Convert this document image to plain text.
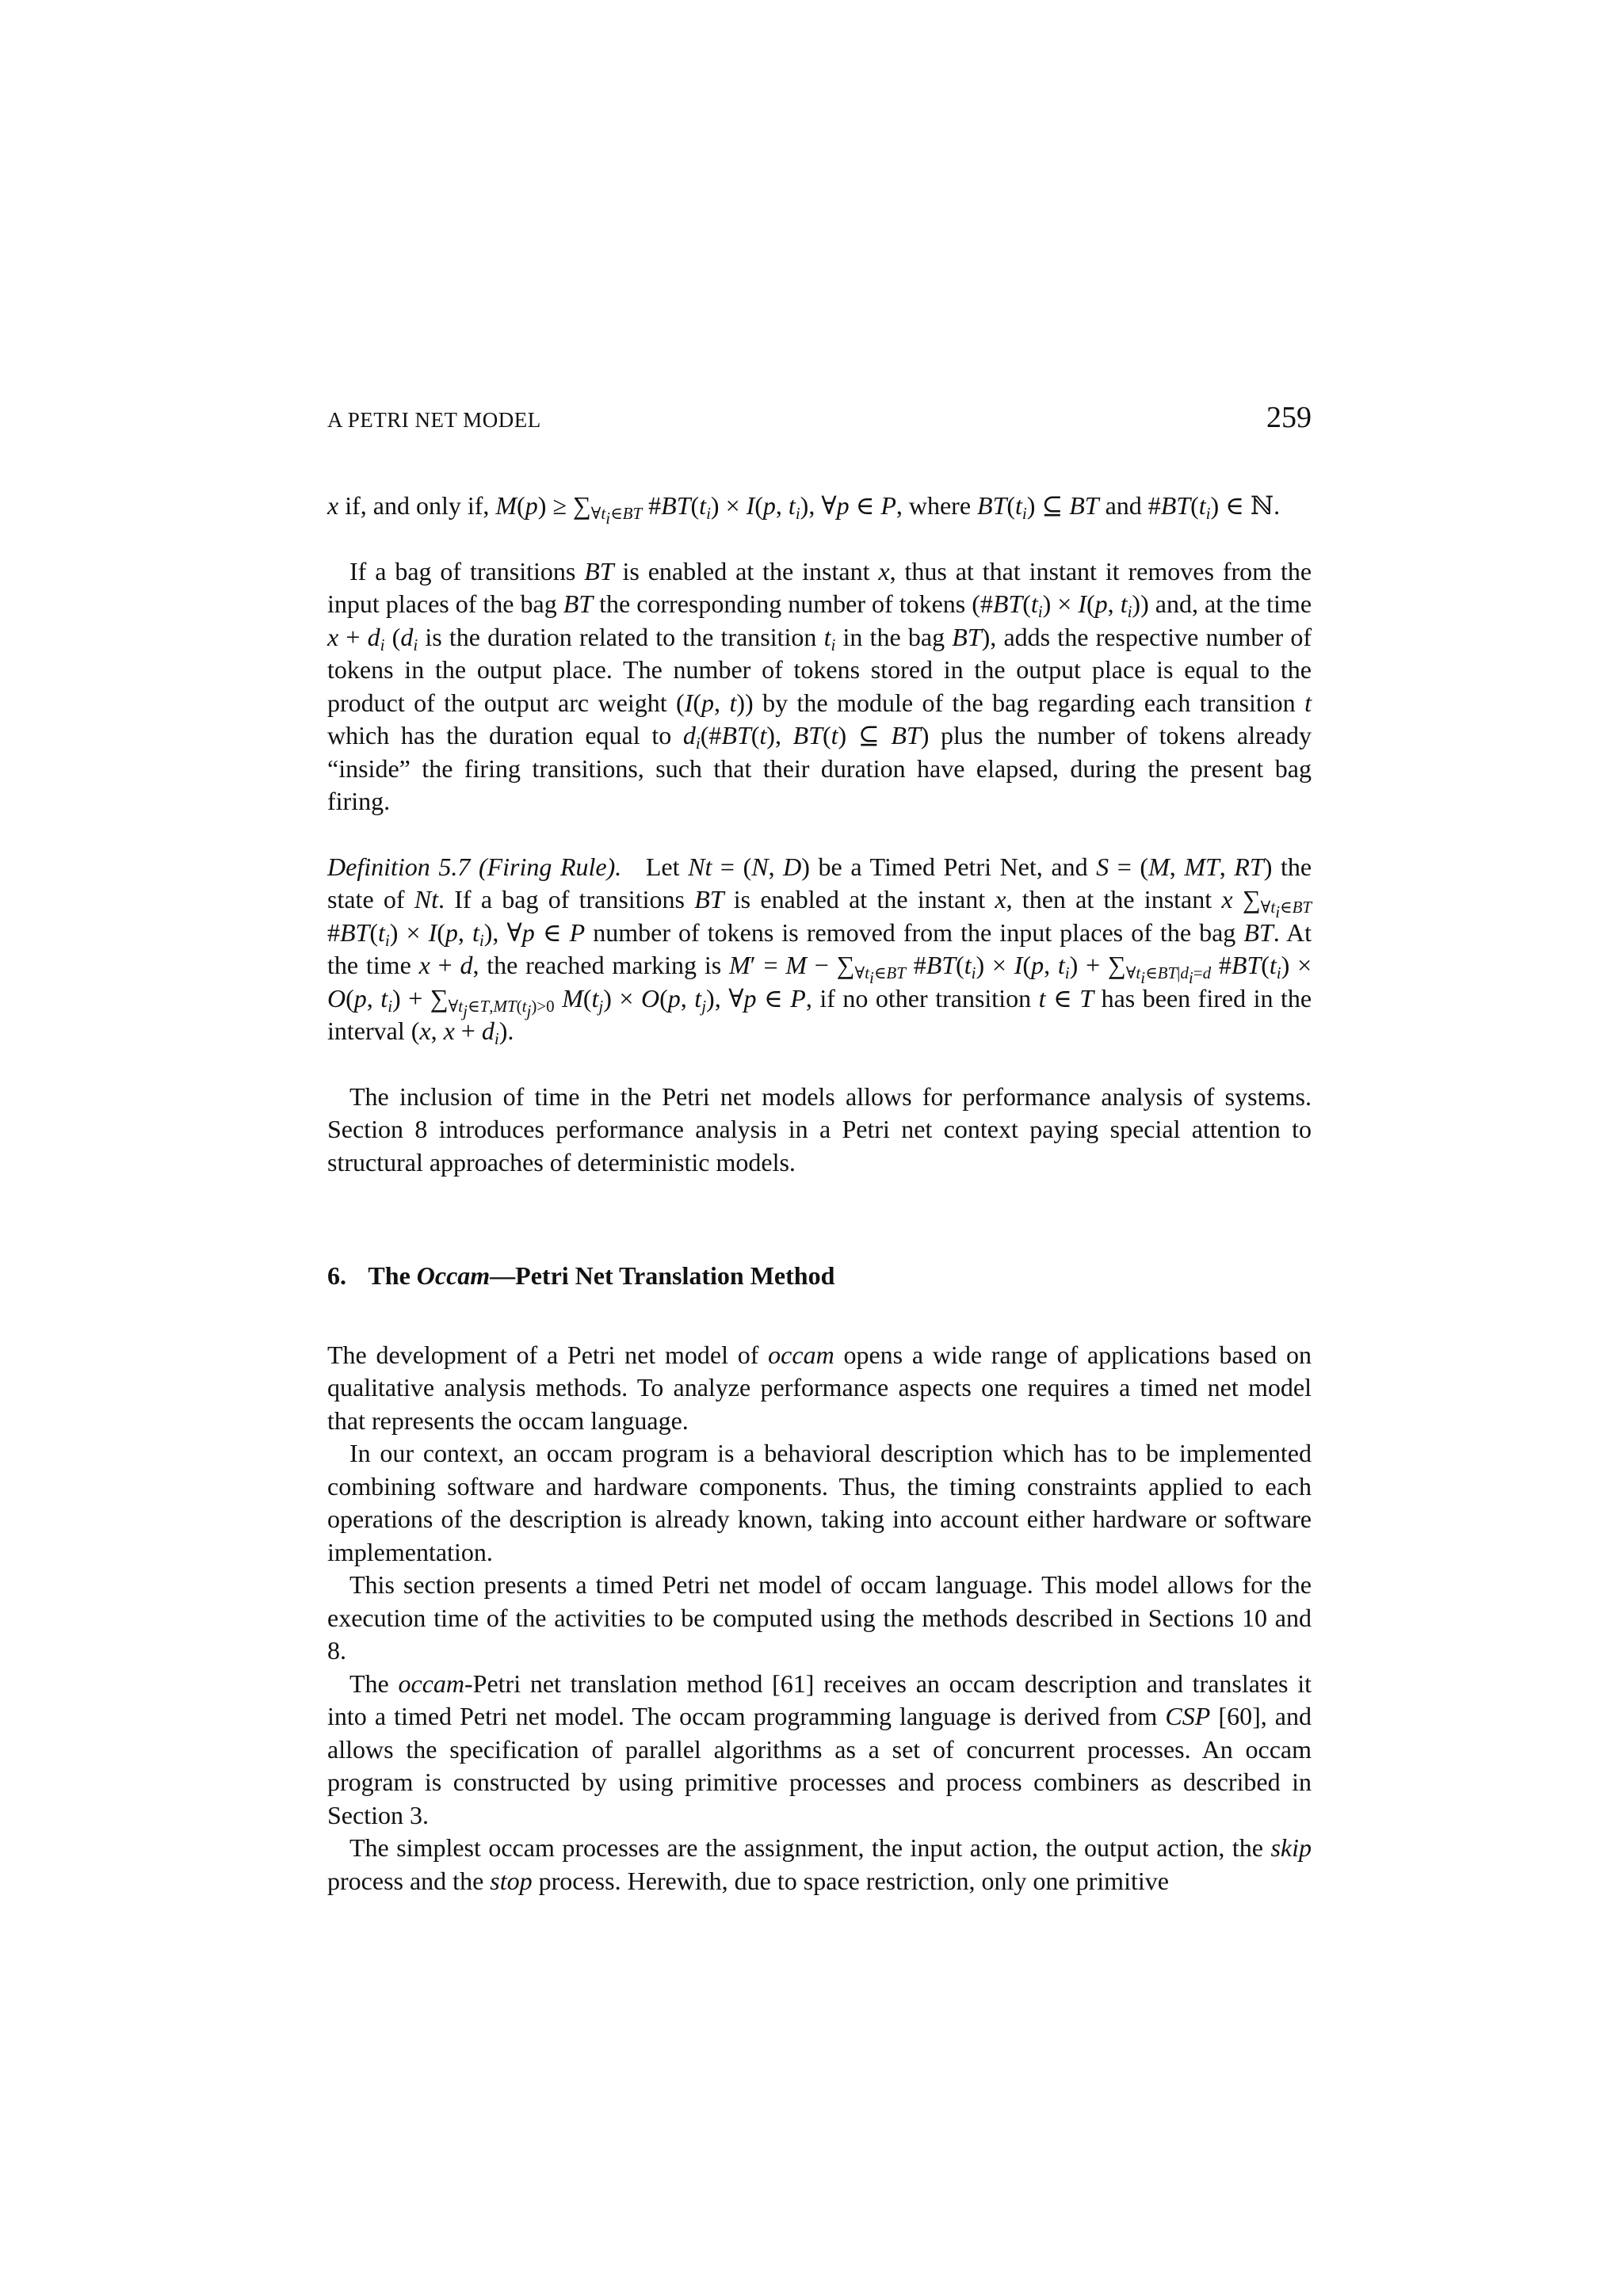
A PETRI NET MODEL	259

x if, and only if, $M(p) \ge \sum_{\forall t_i\in BT}$ $\#BT(t_i) \times I(p$, $t_i$), ∀p ∈ P, where $BT(t_i)$ ⊆ BT and $\#BT(t_i)$ ∈ ℕ.

If a bag of transitions BT is enabled at the instant x, thus at that instant it removes from the input places of the bag BT the corresponding number of tokens ($\#BT(t_i) \times I(p$, $t_i$)) and, at the time $x + d_i$ ($d_i$ is the duration related to the transition $t_i$ in the bag BT), adds the respective number of tokens in the output place. The number of tokens stored in the output place is equal to the product of the output arc weight (I(p, t)) by the module of the bag regarding each transition t which has the duration equal to $d_i(\#BT(t)$, BT(t) ⊆ BT) plus the number of tokens already “inside” the firing transitions, such that their duration have elapsed, during the present bag firing.

Definition 5.7 (Firing Rule). Let Nt = (N, D) be a Timed Petri Net, and S = (M, MT, RT) the state of Nt. If a bag of transitions BT is enabled at the instant x, then at the instant x $\sum_{\forall t_i\in BT}$ $\#BT(t_i) \times I(p$, $t_i$), ∀p ∈ P number of tokens is removed from the input places of the bag BT. At the time x + d, the reached marking is $M' = M - \sum_{\forall t_i\in BT}$ $\#BT(t_i) \times I(p$, $t_i) + \sum_{\forall t_i\in BT|d_i=d}$ $\#BT(t_i) \times O(p$, $t_i) + \sum_{\forall t_j\in T,MT(t_j)>0}$ $M(t_j) \times O(p$, $t_j$), ∀p ∈ P, if no other transition t ∈ T has been fired in the interval (x, $x + d_i$).

The inclusion of time in the Petri net models allows for performance analysis of systems. Section 8 introduces performance analysis in a Petri net context paying special attention to structural approaches of deterministic models.

6. The Occam—Petri Net Translation Method

The development of a Petri net model of occam opens a wide range of applications based on qualitative analysis methods. To analyze performance aspects one requires a timed net model that represents the occam language.

In our context, an occam program is a behavioral description which has to be implemented combining software and hardware components. Thus, the timing constraints applied to each operations of the description is already known, taking into account either hardware or software implementation.

This section presents a timed Petri net model of occam language. This model allows for the execution time of the activities to be computed using the methods described in Sections 10 and 8.

The occam-Petri net translation method [61] receives an occam description and translates it into a timed Petri net model. The occam programming language is derived from CSP [60], and allows the specification of parallel algorithms as a set of concurrent processes. An occam program is constructed by using primitive processes and process combiners as described in Section 3.

The simplest occam processes are the assignment, the input action, the output action, the skip process and the stop process. Herewith, due to space restriction, only one primitive
